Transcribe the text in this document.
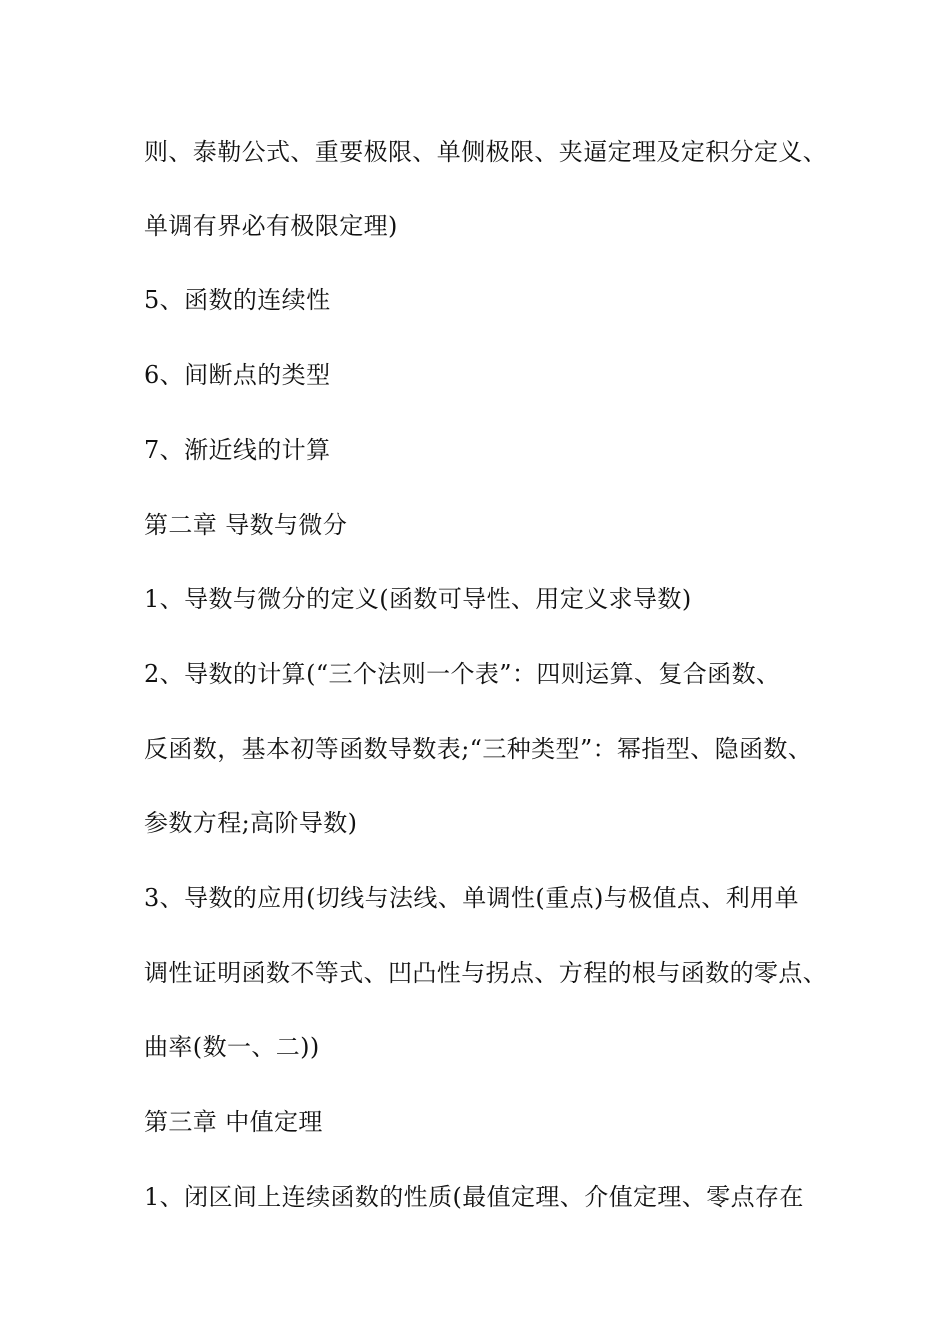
则、泰勒公式、重要极限、单侧极限、夹逼定理及定积分定义、
单调有界必有极限定理)
5、函数的连续性
6、间断点的类型
7、渐近线的计算
第二章 导数与微分
1、导数与微分的定义(函数可导性、用定义求导数)
2、导数的计算(“三个法则一个表”：四则运算、复合函数、
反函数，基本初等函数导数表;“三种类型”：幂指型、隐函数、
参数方程;高阶导数)
3、导数的应用(切线与法线、单调性(重点)与极值点、利用单
调性证明函数不等式、凹凸性与拐点、方程的根与函数的零点、
曲率(数一、二))
第三章 中值定理
1、闭区间上连续函数的性质(最值定理、介值定理、零点存在
